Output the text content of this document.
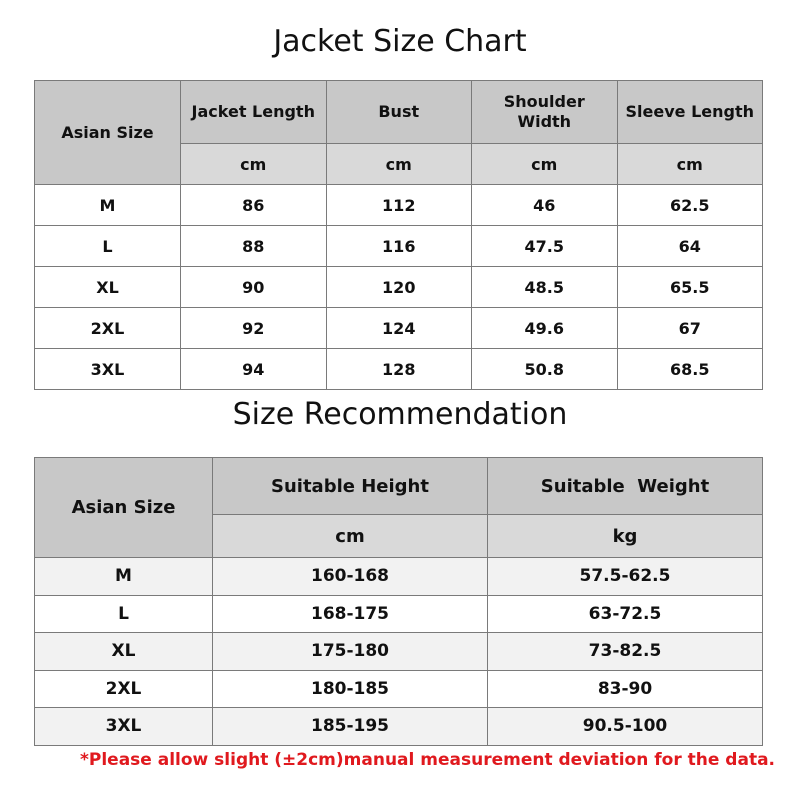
Jacket Size Chart
Asian Size	Jacket Length	Bust	Shoulder Width	Sleeve Length
	cm	cm	cm	cm
M	86	112	46	62.5
L	88	116	47.5	64
XL	90	120	48.5	65.5
2XL	92	124	49.6	67
3XL	94	128	50.8	68.5
Size Recommendation
Asian Size	Suitable Height	Suitable  Weight
	cm	kg
M	160-168	57.5-62.5
L	168-175	63-72.5
XL	175-180	73-82.5
2XL	180-185	83-90
3XL	185-195	90.5-100
*Please allow slight (±2cm)manual measurement deviation for the data.
